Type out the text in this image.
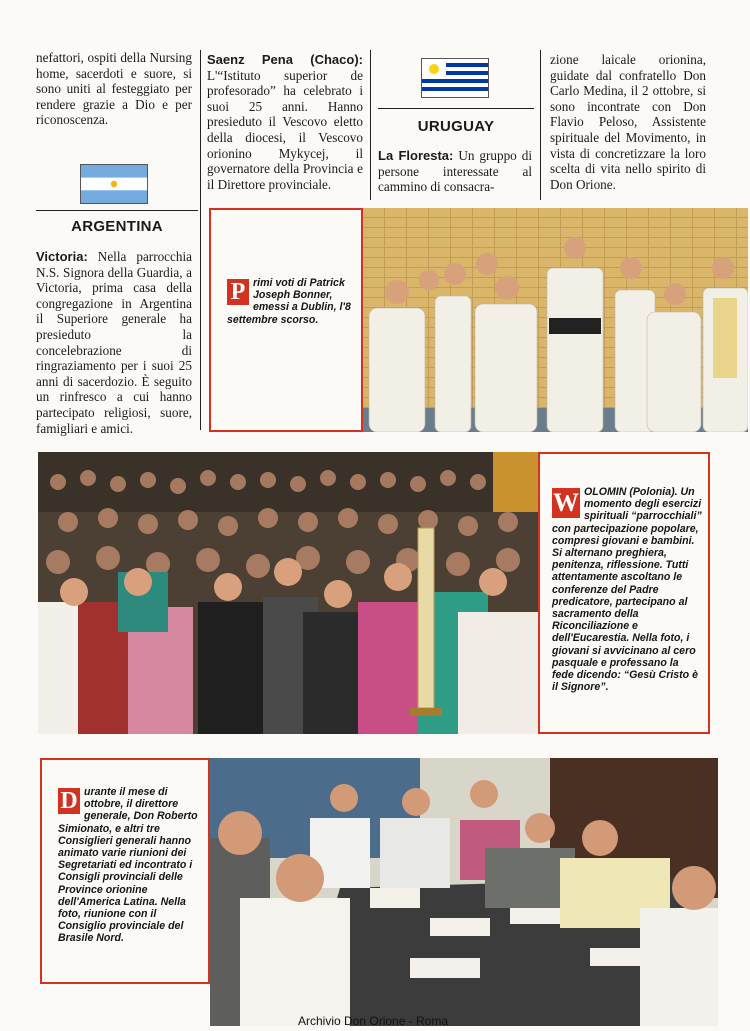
nefattori, ospiti della Nursing home, sacerdoti e suore, si sono uniti al festeggiato per rendere grazie a Dio e per riconoscenza.
ARGENTINA
Victoria: Nella parrocchia N.S. Signora della Guardia, a Victoria, prima casa della congregazione in Argentina il Superiore generale ha presieduto la concelebrazione di ringraziamento per i suoi 25 anni di sacerdozio. È seguito un rinfresco a cui hanno partecipato religiosi, suore, famigliari e amici.
Saenz Pena (Chaco): L'“Istituto superior de profesorado” ha celebrato i suoi 25 anni. Hanno presieduto il Vescovo eletto della diocesi, il Vescovo orionino Mykycej, il governatore della Provincia e il Direttore provinciale.
URUGUAY
La Floresta: Un gruppo di persone interessate al cammino di consacra-
zione laicale orionina, guidate dal confratello Don Carlo Medina, il 2 ottobre, si sono incontrate con Don Flavio Peloso, Assistente spirituale del Movimento, in vista di concretizzare la loro scelta di vita nello spirito di Don Orione.
P rimi voti di Patrick Joseph Bonner, emessi a Dublin, l'8 settembre scorso.
W OLOMIN (Polonia). Un momento degli esercizi spirituali “parrocchiali” con partecipazione popolare, compresi giovani e bambini. Si alternano preghiera, penitenza, riflessione. Tutti attentamente ascoltano le conferenze del Padre predicatore, partecipano al sacramento della Riconciliazione e dell'Eucarestia. Nella foto, i giovani si avvicinano al cero pasquale e professano la fede dicendo: “Gesù Cristo è il Signore”.
D urante il mese di ottobre, il direttore generale, Don Roberto Simionato, e altri tre Consiglieri generali hanno animato varie riunioni dei Segretariati ed incontrato i Consigli provinciali delle Province orionine dell'America Latina. Nella foto, riunione con il Consiglio provinciale del Brasile Nord.
Archivio Don Orione - Roma
